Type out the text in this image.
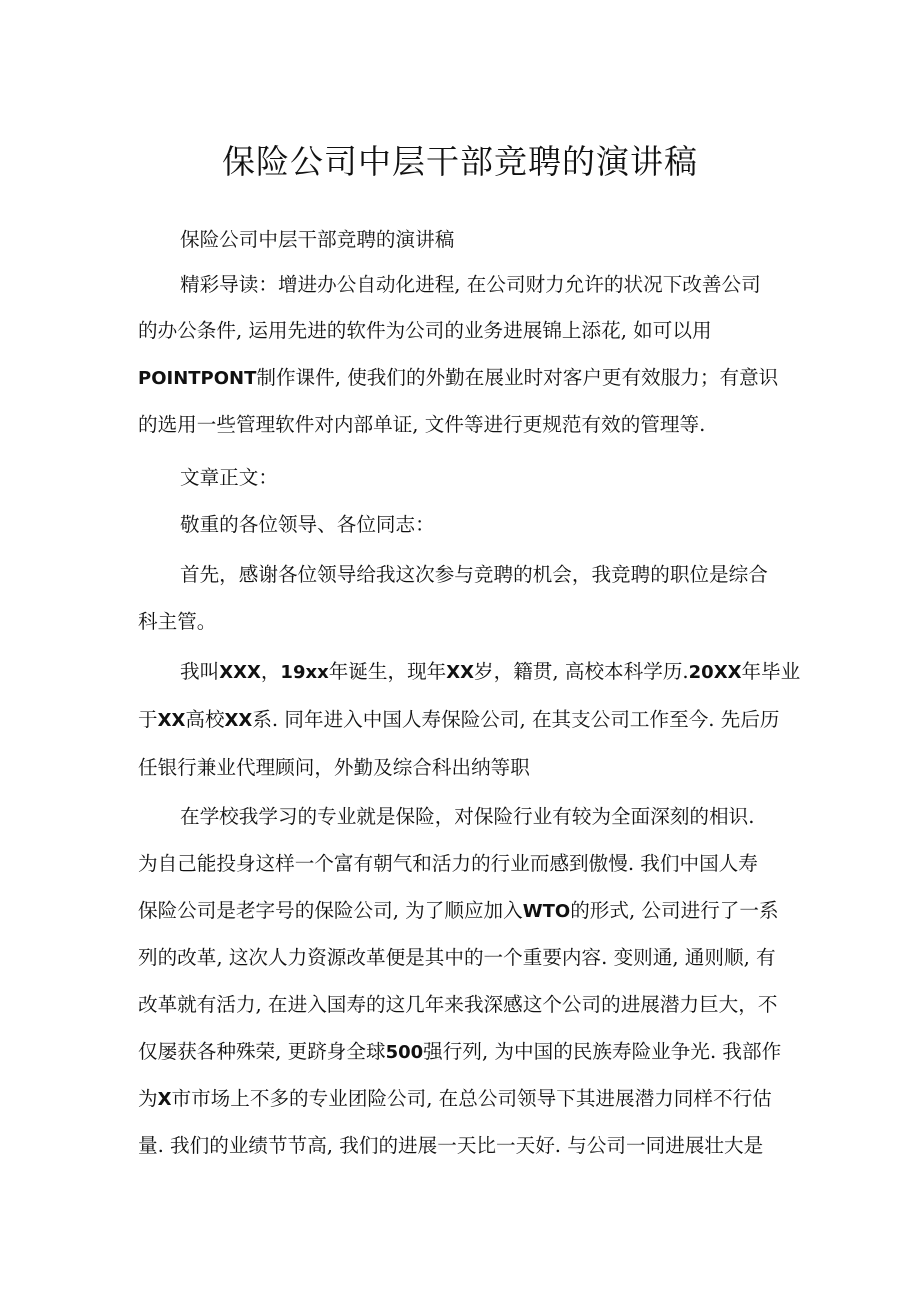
保险公司中层干部竞聘的演讲稿
保险公司中层干部竞聘的演讲稿
精彩导读：增进办公自动化进程, 在公司财力允许的状况下改善公司
的办公条件, 运用先进的软件为公司的业务进展锦上添花, 如可以用
POINTPONT制作课件, 使我们的外勤在展业时对客户更有效服力；有意识
的选用一些管理软件对内部单证, 文件等进行更规范有效的管理等.
文章正文：
敬重的各位领导、各位同志：
首先，感谢各位领导给我这次参与竞聘的机会，我竞聘的职位是综合
科主管。
我叫XXX，19xx年诞生，现年XX岁，籍贯, 高校本科学历.20XX年毕业
于XX高校XX系. 同年进入中国人寿保险公司, 在其支公司工作至今. 先后历
任银行兼业代理顾问，外勤及综合科出纳等职
在学校我学习的专业就是保险，对保险行业有较为全面深刻的相识.
为自己能投身这样一个富有朝气和活力的行业而感到傲慢. 我们中国人寿
保险公司是老字号的保险公司, 为了顺应加入WTO的形式, 公司进行了一系
列的改革, 这次人力资源改革便是其中的一个重要内容. 变则通, 通则顺, 有
改革就有活力, 在进入国寿的这几年来我深感这个公司的进展潜力巨大，不
仅屡获各种殊荣, 更跻身全球500强行列, 为中国的民族寿险业争光. 我部作
为X市市场上不多的专业团险公司, 在总公司领导下其进展潜力同样不行估
量. 我们的业绩节节高, 我们的进展一天比一天好. 与公司一同进展壮大是
